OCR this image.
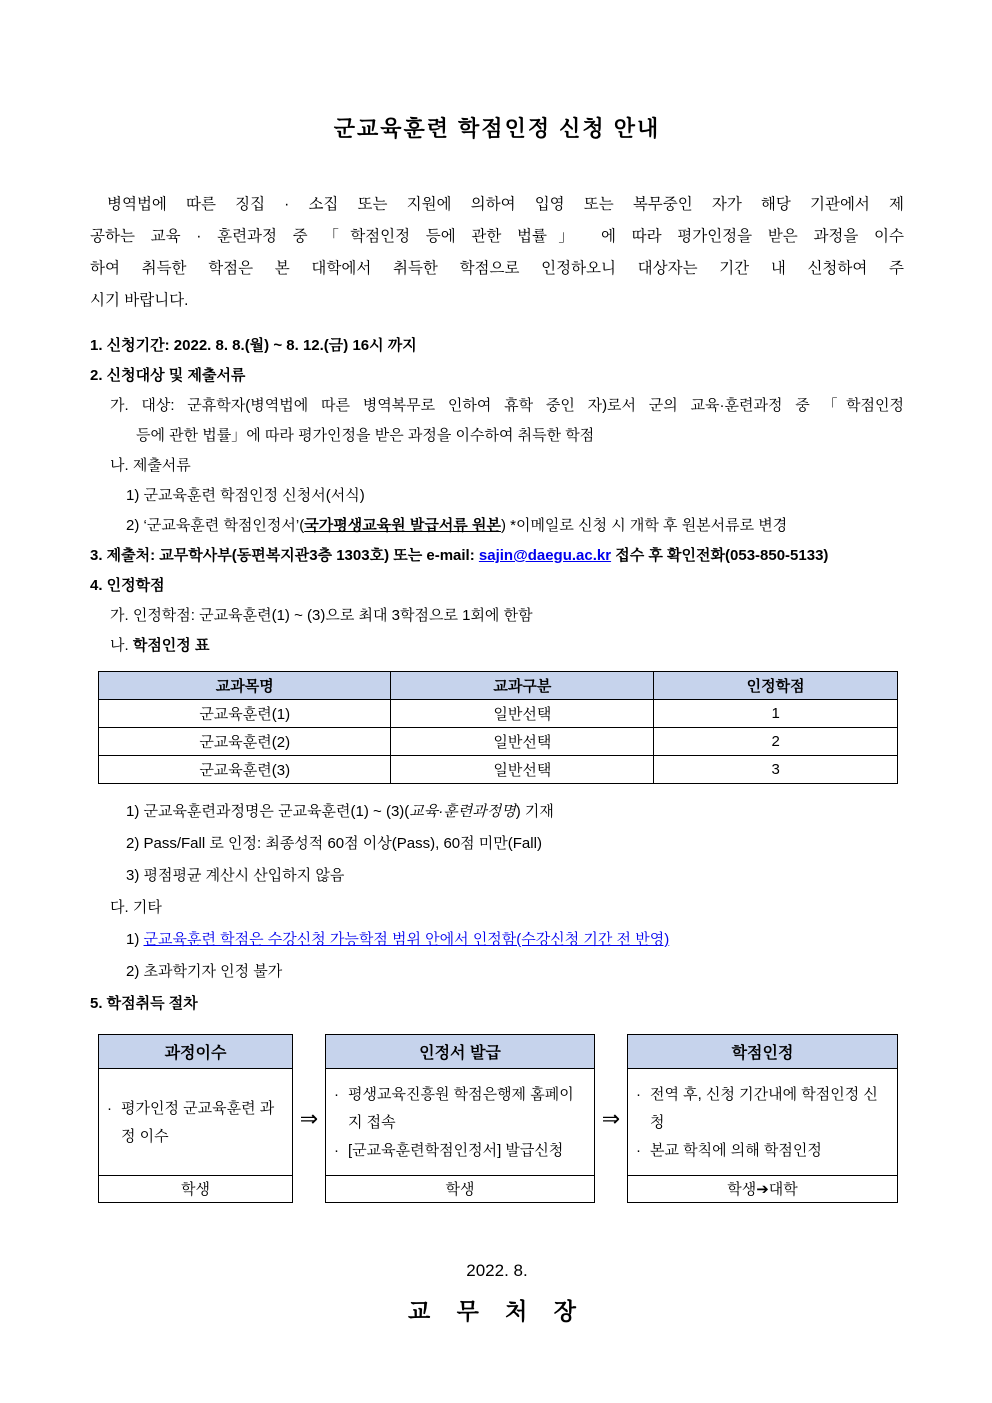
군교육훈련 학점인정 신청 안내
병역법에 따른 징집 · 소집 또는 지원에 의하여 입영 또는 복무중인 자가 해당 기관에서 제
공하는 교육 · 훈련과정 중 「학점인정 등에 관한 법률」 에 따라 평가인정을 받은 과정을 이수
하여 취득한 학점은 본 대학에서 취득한 학점으로 인정하오니 대상자는 기간 내 신청하여 주
시기 바랍니다.
1. 신청기간: 2022. 8. 8.(월) ~ 8. 12.(금) 16시 까지
2. 신청대상 및 제출서류
가. 대상: 군휴학자(병역법에 따른 병역복무로 인하여 휴학 중인 자)로서 군의 교육·훈련과정 중 「학점인정
등에 관한 법률」에 따라 평가인정을 받은 과정을 이수하여 취득한 학점
나. 제출서류
1) 군교육훈련 학점인정 신청서(서식)
2) ‘군교육훈련 학점인정서’(국가평생교육원 발급서류 원본) *이메일로 신청 시 개학 후 원본서류로 변경
3. 제출처: 교무학사부(동편복지관3층 1303호) 또는 e-mail: sajin@daegu.ac.kr 접수 후 확인전화(053-850-5133)
4. 인정학점
가. 인정학점: 군교육훈련(1) ~ (3)으로 최대 3학점으로 1회에 한함
나. 학점인정 표
교과목명	교과구분	인정학점
군교육훈련(1)	일반선택	1
군교육훈련(2)	일반선택	2
군교육훈련(3)	일반선택	3
1) 군교육훈련과정명은 군교육훈련(1) ~ (3)(교육·훈련과정명) 기재
2) Pass/Fall 로 인정: 최종성적 60점 이상(Pass), 60점 미만(Fall)
3) 평점평균 계산시 산입하지 않음
다. 기타
1) 군교육훈련 학점은 수강신청 가능학점 범위 안에서 인정함(수강신청 기간 전 반영)
2) 초과학기자 인정 불가
5. 학점취득 절차
과정이수
· 평가인정 군교육훈련 과정 이수
학생
⇒
인정서 발급
· 평생교육진흥원 학점은행제 홈페이지 접속
· [군교육훈련학점인정서] 발급신청
학생
⇒
학점인정
· 전역 후, 신청 기간내에 학점인정 신청
· 본교 학칙에 의해 학점인정
학생➔대학
2022. 8.
교 무 처 장
